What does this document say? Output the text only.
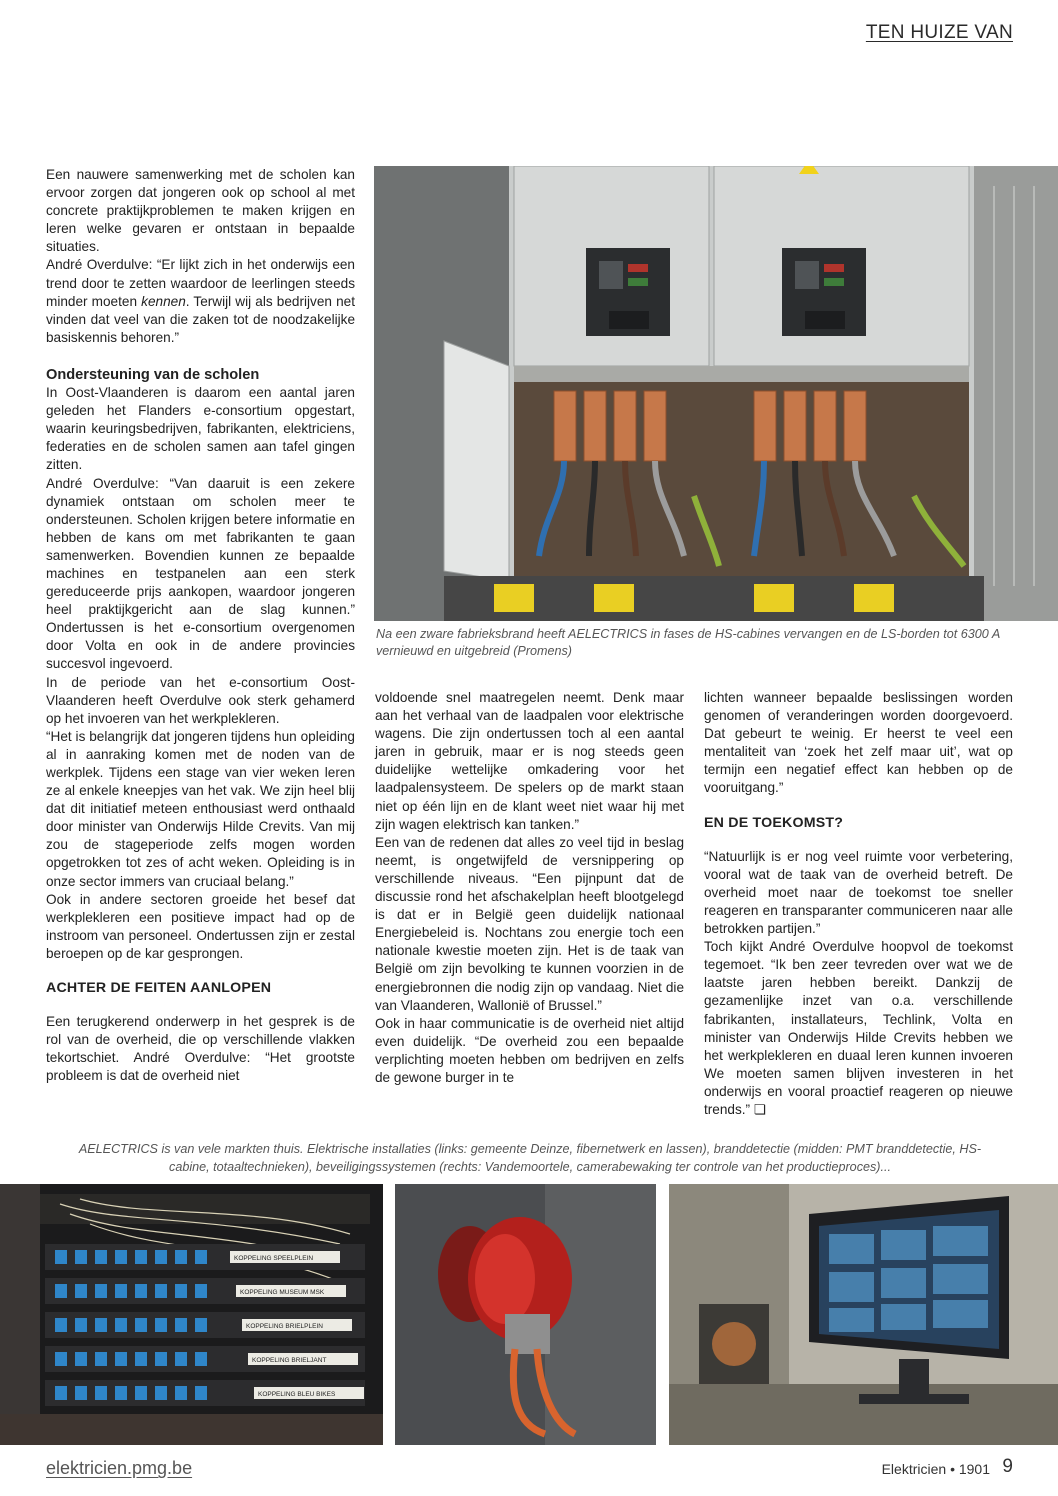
TEN HUIZE VAN

Een nauwere samenwerking met de scholen kan ervoor zorgen dat jongeren ook op school al met concrete praktijkproblemen te maken krijgen en leren welke gevaren er ontstaan in bepaalde situaties.

André Overdulve: “Er lijkt zich in het onderwijs een trend door te zetten waardoor de leerlingen steeds minder moeten kennen. Terwijl wij als bedrijven net vinden dat veel van die zaken tot de noodzakelijke basiskennis behoren.”

Ondersteuning van de scholen

In Oost-Vlaanderen is daarom een aantal jaren geleden het Flanders e-consortium opgestart, waarin keuringsbedrijven, fabrikanten, elektriciens, federaties en de scholen samen aan tafel gingen zitten.

André Overdulve: “Van daaruit is een zekere dynamiek ontstaan om scholen meer te ondersteunen. Scholen krijgen betere informatie en hebben de kans om met fabrikanten te gaan samenwerken. Bovendien kunnen ze bepaalde machines en testpanelen aan een sterk gereduceerde prijs aankopen, waardoor jongeren heel praktijkgericht aan de slag kunnen.” Ondertussen is het e-consortium overgenomen door Volta en ook in de andere provincies succesvol ingevoerd.

In de periode van het e-consortium Oost-Vlaanderen heeft Overdulve ook sterk gehamerd op het invoeren van het werkplekleren.

“Het is belangrijk dat jongeren tijdens hun opleiding al in aanraking komen met de noden van de werkplek. Tijdens een stage van vier weken leren ze al enkele kneepjes van het vak. We zijn heel blij dat dit initiatief meteen enthousiast werd onthaald door minister van Onderwijs Hilde Crevits. Van mij zou de stageperiode zelfs mogen worden opgetrokken tot zes of acht weken. Opleiding is in onze sector immers van cruciaal belang.”

Ook in andere sectoren groeide het besef dat werkplekleren een positieve impact had op de instroom van personeel. Ondertussen zijn er zestal beroepen op de kar gesprongen.

ACHTER DE FEITEN AANLOPEN

Een terugkerend onderwerp in het gesprek is de rol van de overheid, die op verschillende vlakken tekortschiet. André Overdulve: “Het grootste probleem is dat de overheid niet

Na een zware fabrieksbrand heeft AELECTRICS in fases de HS-cabines vervangen en de LS-borden tot 6300 A vernieuwd en uitgebreid (Promens)

voldoende snel maatregelen neemt. Denk maar aan het verhaal van de laadpalen voor elektrische wagens. Die zijn ondertussen toch al een aantal jaren in gebruik, maar er is nog steeds geen duidelijke wettelijke omkadering voor het laadpalensysteem. De spelers op de markt staan niet op één lijn en de klant weet niet waar hij met zijn wagen elektrisch kan tanken.”

Een van de redenen dat alles zo veel tijd in beslag neemt, is ongetwijfeld de versnippering op verschillende niveaus. “Een pijnpunt dat de discussie rond het afschakelplan heeft blootgelegd is dat er in België geen duidelijk nationaal Energiebeleid is. Nochtans zou energie toch een nationale kwestie moeten zijn. Het is de taak van België om zijn bevolking te kunnen voorzien in de energiebronnen die nodig zijn op vandaag. Niet die van Vlaanderen, Wallonië of Brussel.”

Ook in haar communicatie is de overheid niet altijd even duidelijk. “De overheid zou een bepaalde verplichting moeten hebben om bedrijven en zelfs de gewone burger in te

lichten wanneer bepaalde beslissingen worden genomen of veranderingen worden doorgevoerd. Dat gebeurt te weinig. Er heerst te veel een mentaliteit van ‘zoek het zelf maar uit’, wat op termijn een negatief effect kan hebben op de vooruitgang.”

EN DE TOEKOMST?

“Natuurlijk is er nog veel ruimte voor verbetering, vooral wat de taak van de overheid betreft. De overheid moet naar de toekomst toe sneller reageren en transparanter communiceren naar alle betrokken partijen.”

Toch kijkt André Overdulve hoopvol de toekomst tegemoet. “Ik ben zeer tevreden over wat we de laatste jaren hebben bereikt. Dankzij de gezamenlijke inzet van o.a. verschillende fabrikanten, installateurs, Techlink, Volta en minister van Onderwijs Hilde Crevits hebben we het werkplekleren en duaal leren kunnen invoeren We moeten samen blijven investeren in het onderwijs en vooral proactief reageren op nieuwe trends.” ❏

AELECTRICS is van vele markten thuis. Elektrische installaties (links: gemeente Deinze, fibernetwerk en lassen), branddetectie (midden: PMT branddetectie, HS-cabine, totaaltechnieken), beveiligingssystemen (rechts: Vandemoortele, camerabewaking ter controle van het productieproces)...
KOPPELING SPEELPLEIN
KOPPELING MUSEUM MSK
KOPPELING BRIELPLEIN
KOPPELING BRIELJANT
KOPPELING BLEU BIKES
elektricien.pmg.be	Elektricien • 1901 9
